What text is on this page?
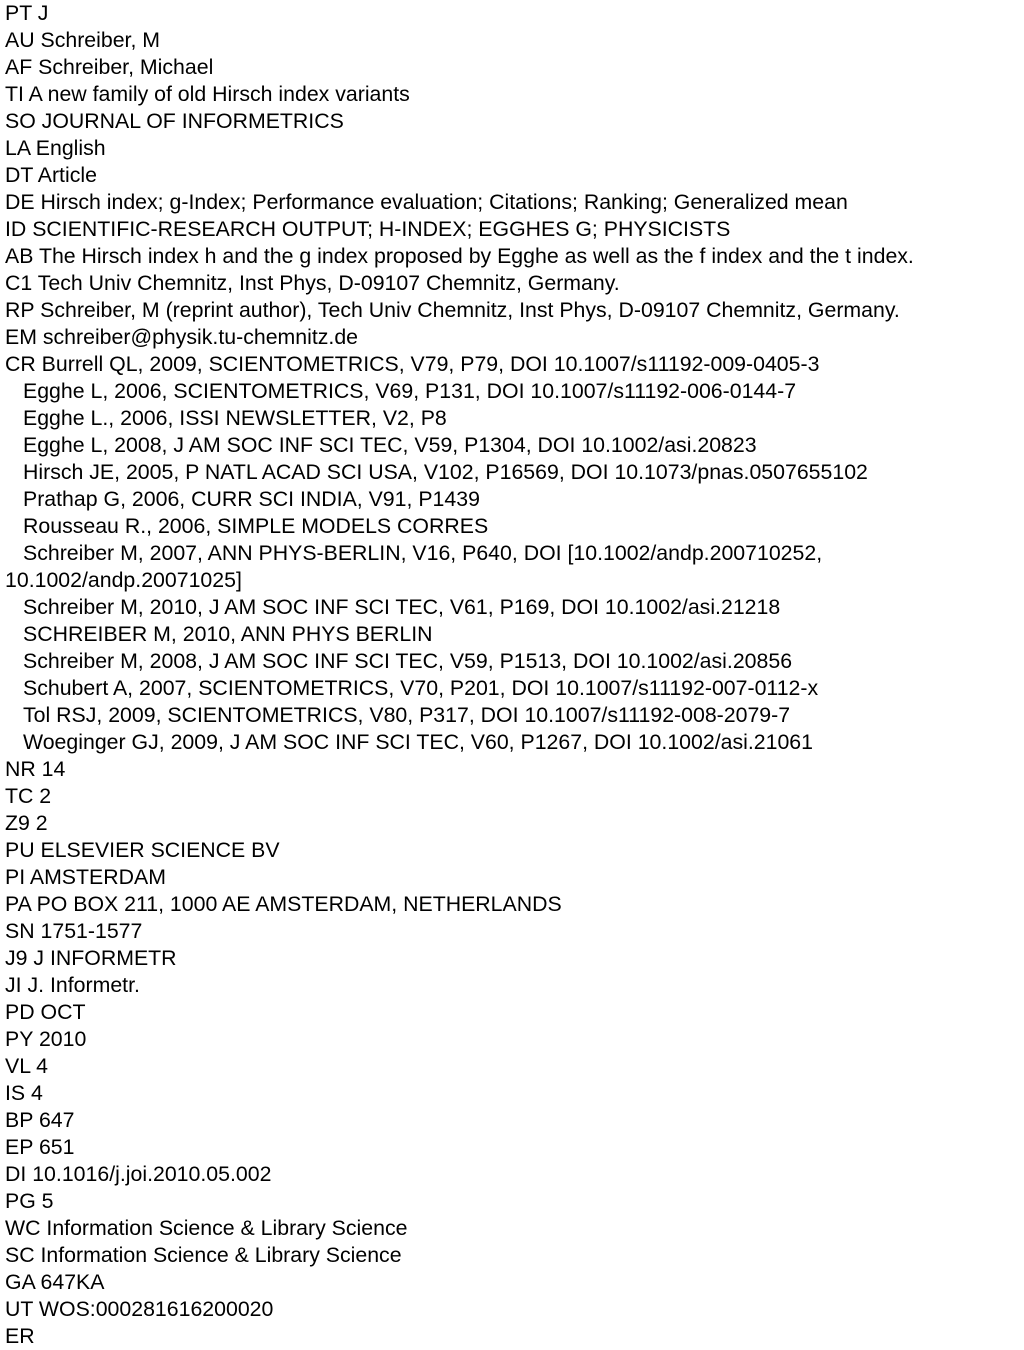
PT J
AU Schreiber, M
AF Schreiber, Michael
TI A new family of old Hirsch index variants
SO JOURNAL OF INFORMETRICS
LA English
DT Article
DE Hirsch index; g-Index; Performance evaluation; Citations; Ranking; Generalized mean
ID SCIENTIFIC-RESEARCH OUTPUT; H-INDEX; EGGHES G; PHYSICISTS
AB The Hirsch index h and the g index proposed by Egghe as well as the f index and the t index.
C1 Tech Univ Chemnitz, Inst Phys, D-09107 Chemnitz, Germany.
RP Schreiber, M (reprint author), Tech Univ Chemnitz, Inst Phys, D-09107 Chemnitz, Germany.
EM schreiber@physik.tu-chemnitz.de
CR Burrell QL, 2009, SCIENTOMETRICS, V79, P79, DOI 10.1007/s11192-009-0405-3
Egghe L, 2006, SCIENTOMETRICS, V69, P131, DOI 10.1007/s11192-006-0144-7
Egghe L., 2006, ISSI NEWSLETTER, V2, P8
Egghe L, 2008, J AM SOC INF SCI TEC, V59, P1304, DOI 10.1002/asi.20823
Hirsch JE, 2005, P NATL ACAD SCI USA, V102, P16569, DOI 10.1073/pnas.0507655102
Prathap G, 2006, CURR SCI INDIA, V91, P1439
Rousseau R., 2006, SIMPLE MODELS CORRES
Schreiber M, 2007, ANN PHYS-BERLIN, V16, P640, DOI [10.1002/andp.200710252,
10.1002/andp.20071025]
Schreiber M, 2010, J AM SOC INF SCI TEC, V61, P169, DOI 10.1002/asi.21218
SCHREIBER M, 2010, ANN PHYS BERLIN
Schreiber M, 2008, J AM SOC INF SCI TEC, V59, P1513, DOI 10.1002/asi.20856
Schubert A, 2007, SCIENTOMETRICS, V70, P201, DOI 10.1007/s11192-007-0112-x
Tol RSJ, 2009, SCIENTOMETRICS, V80, P317, DOI 10.1007/s11192-008-2079-7
Woeginger GJ, 2009, J AM SOC INF SCI TEC, V60, P1267, DOI 10.1002/asi.21061
NR 14
TC 2
Z9 2
PU ELSEVIER SCIENCE BV
PI AMSTERDAM
PA PO BOX 211, 1000 AE AMSTERDAM, NETHERLANDS
SN 1751-1577
J9 J INFORMETR
JI J. Informetr.
PD OCT
PY 2010
VL 4
IS 4
BP 647
EP 651
DI 10.1016/j.joi.2010.05.002
PG 5
WC Information Science & Library Science
SC Information Science & Library Science
GA 647KA
UT WOS:000281616200020
ER
